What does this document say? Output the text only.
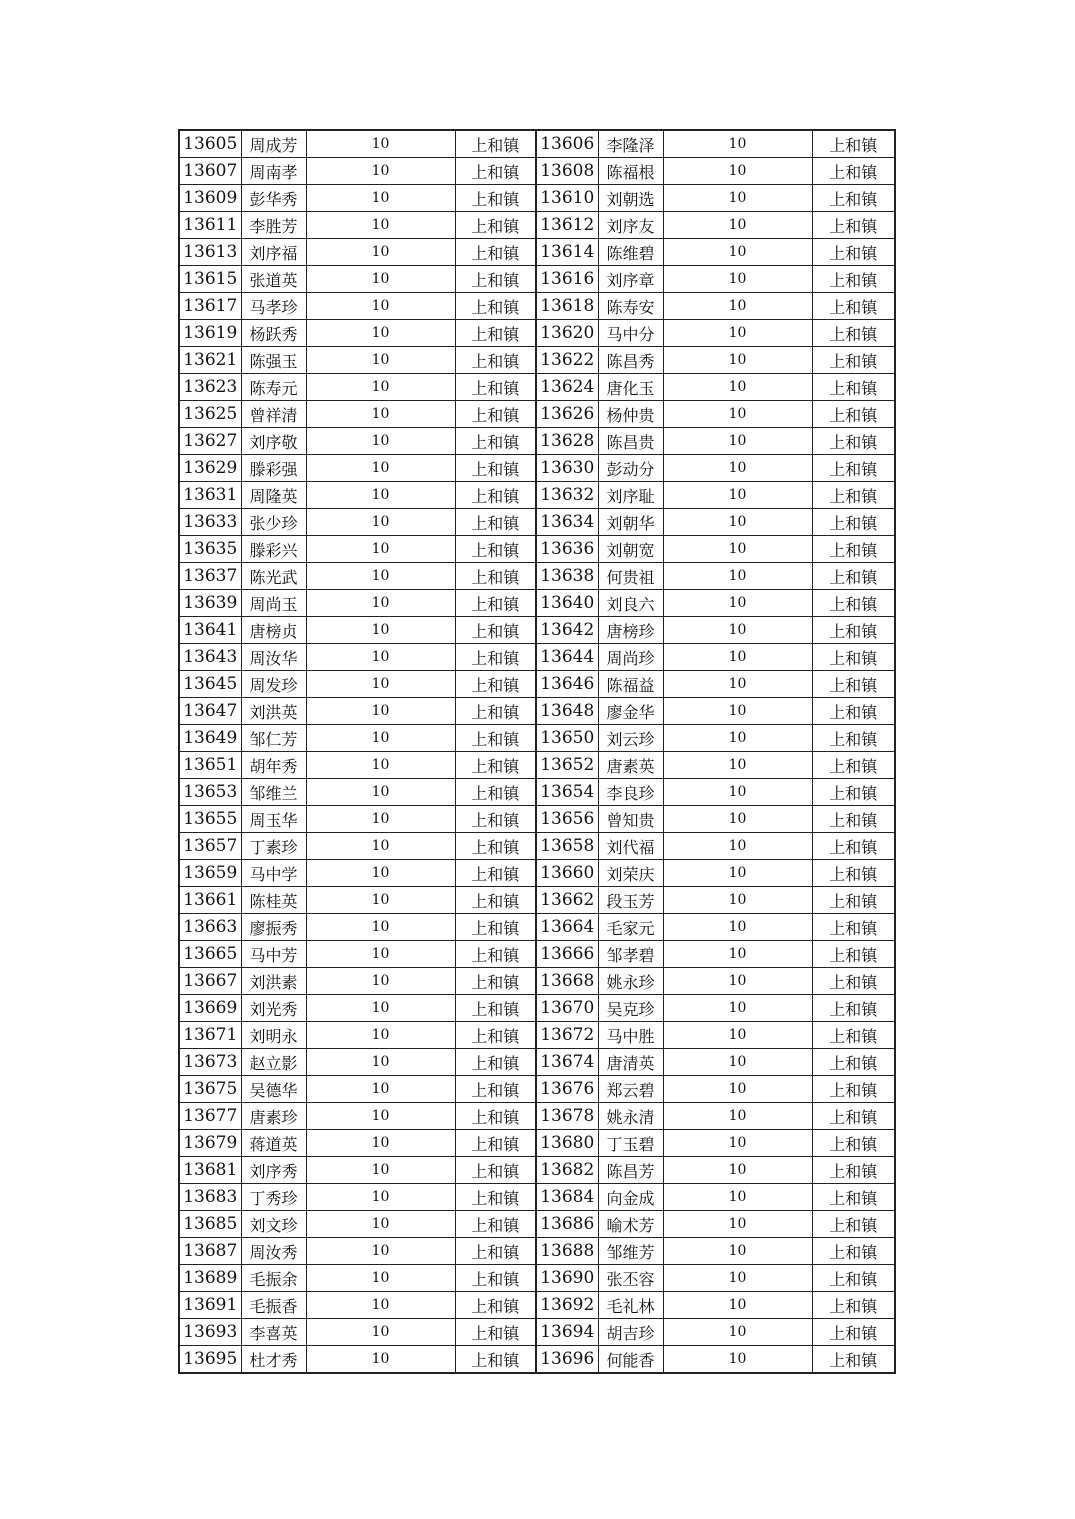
13605	周成芳	10	上和镇	13606	李隆泽	10	上和镇
13607	周南孝	10	上和镇	13608	陈福根	10	上和镇
13609	彭华秀	10	上和镇	13610	刘朝选	10	上和镇
13611	李胜芳	10	上和镇	13612	刘序友	10	上和镇
13613	刘序福	10	上和镇	13614	陈维碧	10	上和镇
13615	张道英	10	上和镇	13616	刘序章	10	上和镇
13617	马孝珍	10	上和镇	13618	陈寿安	10	上和镇
13619	杨跃秀	10	上和镇	13620	马中分	10	上和镇
13621	陈强玉	10	上和镇	13622	陈昌秀	10	上和镇
13623	陈寿元	10	上和镇	13624	唐化玉	10	上和镇
13625	曾祥清	10	上和镇	13626	杨仲贵	10	上和镇
13627	刘序敬	10	上和镇	13628	陈昌贵	10	上和镇
13629	滕彩强	10	上和镇	13630	彭动分	10	上和镇
13631	周隆英	10	上和镇	13632	刘序耻	10	上和镇
13633	张少珍	10	上和镇	13634	刘朝华	10	上和镇
13635	滕彩兴	10	上和镇	13636	刘朝宽	10	上和镇
13637	陈光武	10	上和镇	13638	何贵祖	10	上和镇
13639	周尚玉	10	上和镇	13640	刘良六	10	上和镇
13641	唐榜贞	10	上和镇	13642	唐榜珍	10	上和镇
13643	周汝华	10	上和镇	13644	周尚珍	10	上和镇
13645	周发珍	10	上和镇	13646	陈福益	10	上和镇
13647	刘洪英	10	上和镇	13648	廖金华	10	上和镇
13649	邹仁芳	10	上和镇	13650	刘云珍	10	上和镇
13651	胡年秀	10	上和镇	13652	唐素英	10	上和镇
13653	邹维兰	10	上和镇	13654	李良珍	10	上和镇
13655	周玉华	10	上和镇	13656	曾知贵	10	上和镇
13657	丁素珍	10	上和镇	13658	刘代福	10	上和镇
13659	马中学	10	上和镇	13660	刘荣庆	10	上和镇
13661	陈桂英	10	上和镇	13662	段玉芳	10	上和镇
13663	廖振秀	10	上和镇	13664	毛家元	10	上和镇
13665	马中芳	10	上和镇	13666	邹孝碧	10	上和镇
13667	刘洪素	10	上和镇	13668	姚永珍	10	上和镇
13669	刘光秀	10	上和镇	13670	吴克珍	10	上和镇
13671	刘明永	10	上和镇	13672	马中胜	10	上和镇
13673	赵立影	10	上和镇	13674	唐清英	10	上和镇
13675	吴德华	10	上和镇	13676	郑云碧	10	上和镇
13677	唐素珍	10	上和镇	13678	姚永清	10	上和镇
13679	蒋道英	10	上和镇	13680	丁玉碧	10	上和镇
13681	刘序秀	10	上和镇	13682	陈昌芳	10	上和镇
13683	丁秀珍	10	上和镇	13684	向金成	10	上和镇
13685	刘文珍	10	上和镇	13686	喻术芳	10	上和镇
13687	周汝秀	10	上和镇	13688	邹维芳	10	上和镇
13689	毛振余	10	上和镇	13690	张丕容	10	上和镇
13691	毛振香	10	上和镇	13692	毛礼林	10	上和镇
13693	李喜英	10	上和镇	13694	胡吉珍	10	上和镇
13695	杜才秀	10	上和镇	13696	何能香	10	上和镇
